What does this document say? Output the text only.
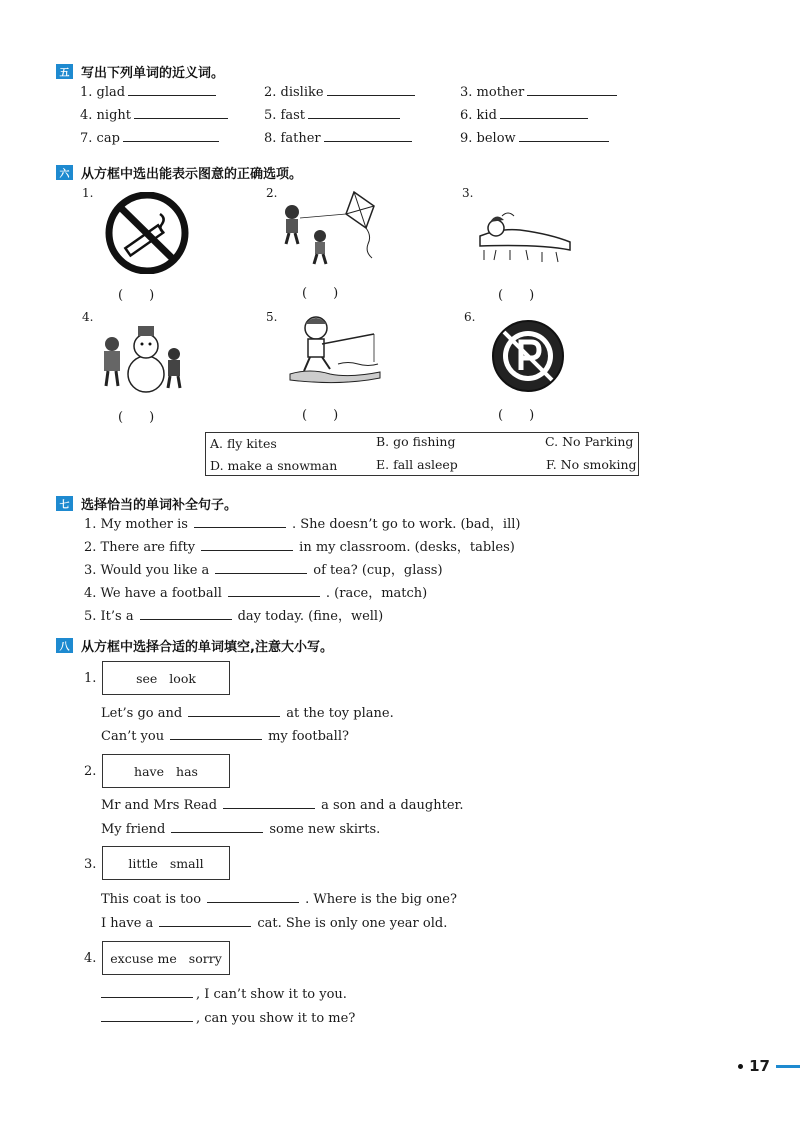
五 写出下列单词的近义词。
1. glad	2. dislike	3. mother
4. night	5. fast	6. kid
7. cap	8. father	9. below
六 从方框中选出能表示图意的正确选项。
1.	2.	3.
4.	5.	6.
(　　)	(　　)	(　　)
(　　)	(　　)	(　　)
A. fly kites	B. go fishing	C. No Parking
D. make a snowman	E. fall asleep	F. No smoking
七 选择恰当的单词补全句子。
1. My mother is	. She doesn’t go to work. (bad，ill)
2. There are fifty	in my classroom. (desks，tables)
3. Would you like a	of tea? (cup，glass)
4. We have a football	. (race，match)
5. It’s a	day today. (fine，well)
八 从方框中选择合适的单词填空,注意大小写。
1.	see look
Let’s go and	at the toy plane.
Can’t you	my football?
2.	have has
Mr and Mrs Read	a son and a daughter.
My friend	some new skirts.
3.	little small
This coat is too	. Where is the big one?
I have a	cat. She is only one year old.
4. excuse me sorry
, I can’t show it to you.
, can you show it to me?
17
